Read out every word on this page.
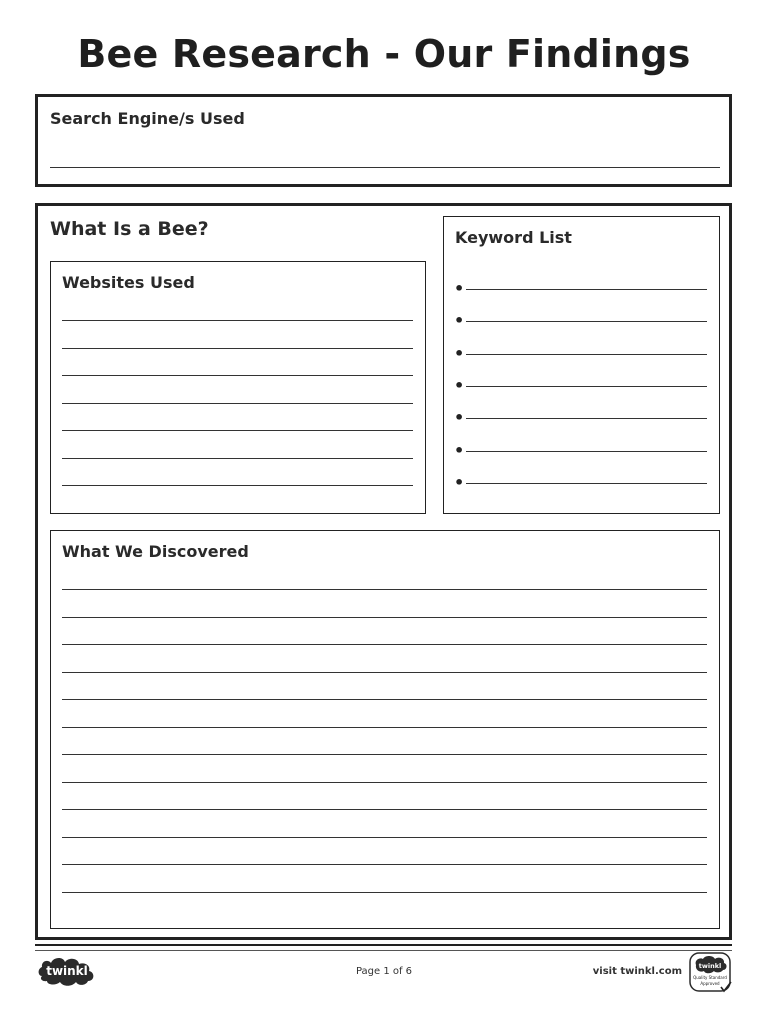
Bee Research - Our Findings
Search Engine/s Used
What Is a Bee?
Websites Used
Keyword List
•
•
•
•
•
•
•
What We Discovered
twinkl	Page 1 of 6	visit twinkl.com	twinkl
Quality Standard
Approved
